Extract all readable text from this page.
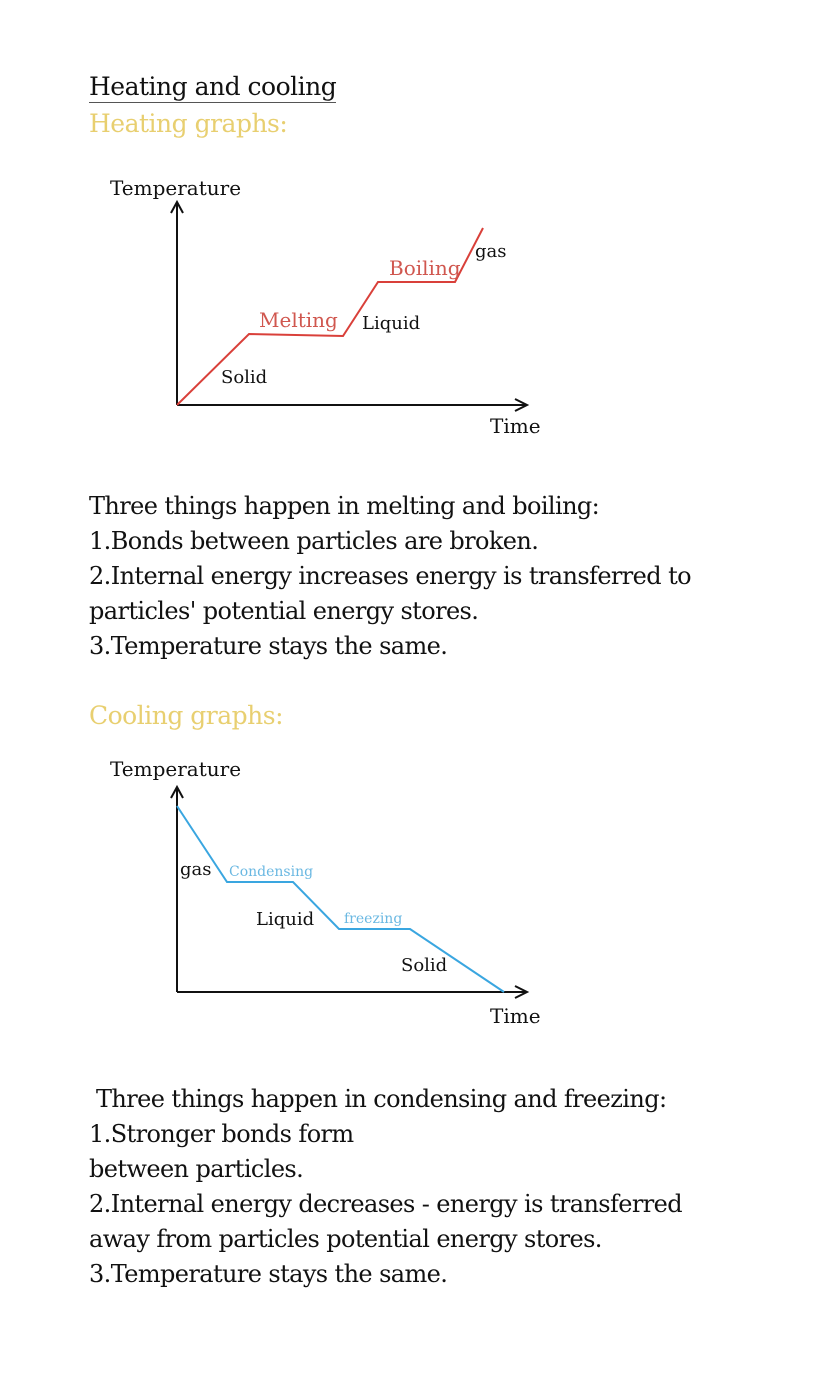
Heating and cooling
Heating graphs:
Temperature
Time
Solid
Melting Liquid
Boiling
gas
Three things happen in melting and boiling:
1.Bonds between particles are broken.
2.Internal energy increases energy is transferred to
particles' potential energy stores.
3.Temperature stays the same.
Cooling graphs:
Temperature
Time
gas Condensing
Liquid freezing
Solid
Three things happen in condensing and freezing:
1.Stronger bonds form
between particles.
2.Internal energy decreases - energy is transferred
away from particles potential energy stores.
3.Temperature stays the same.
